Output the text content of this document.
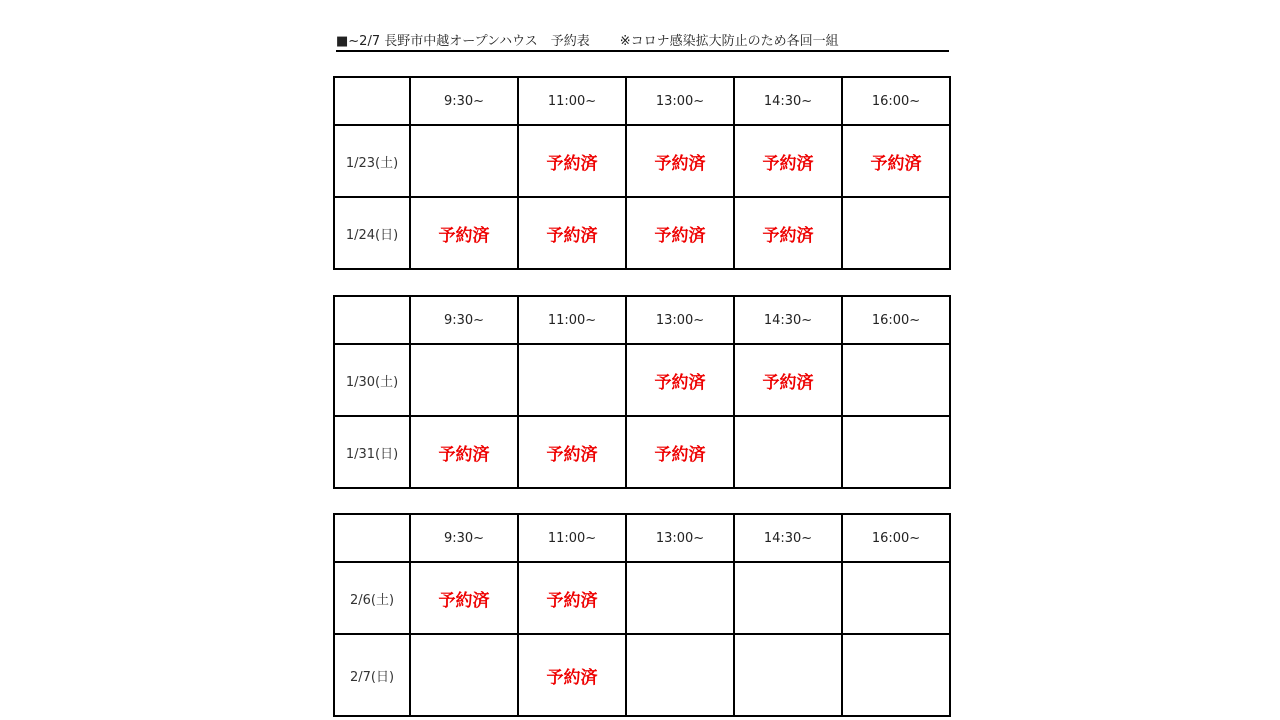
■~2/7 長野市中越オープンハウス　予約表 ※コロナ感染拡大防止のため各回一組
	9:30~	11:00~	13:00~	14:30~	16:00~
1/23(土)		予約済	予約済	予約済	予約済
1/24(日)	予約済	予約済	予約済	予約済	
	9:30~	11:00~	13:00~	14:30~	16:00~
1/30(土)			予約済	予約済	
1/31(日)	予約済	予約済	予約済		
	9:30~	11:00~	13:00~	14:30~	16:00~
2/6(土)	予約済	予約済			
2/7(日)		予約済			
